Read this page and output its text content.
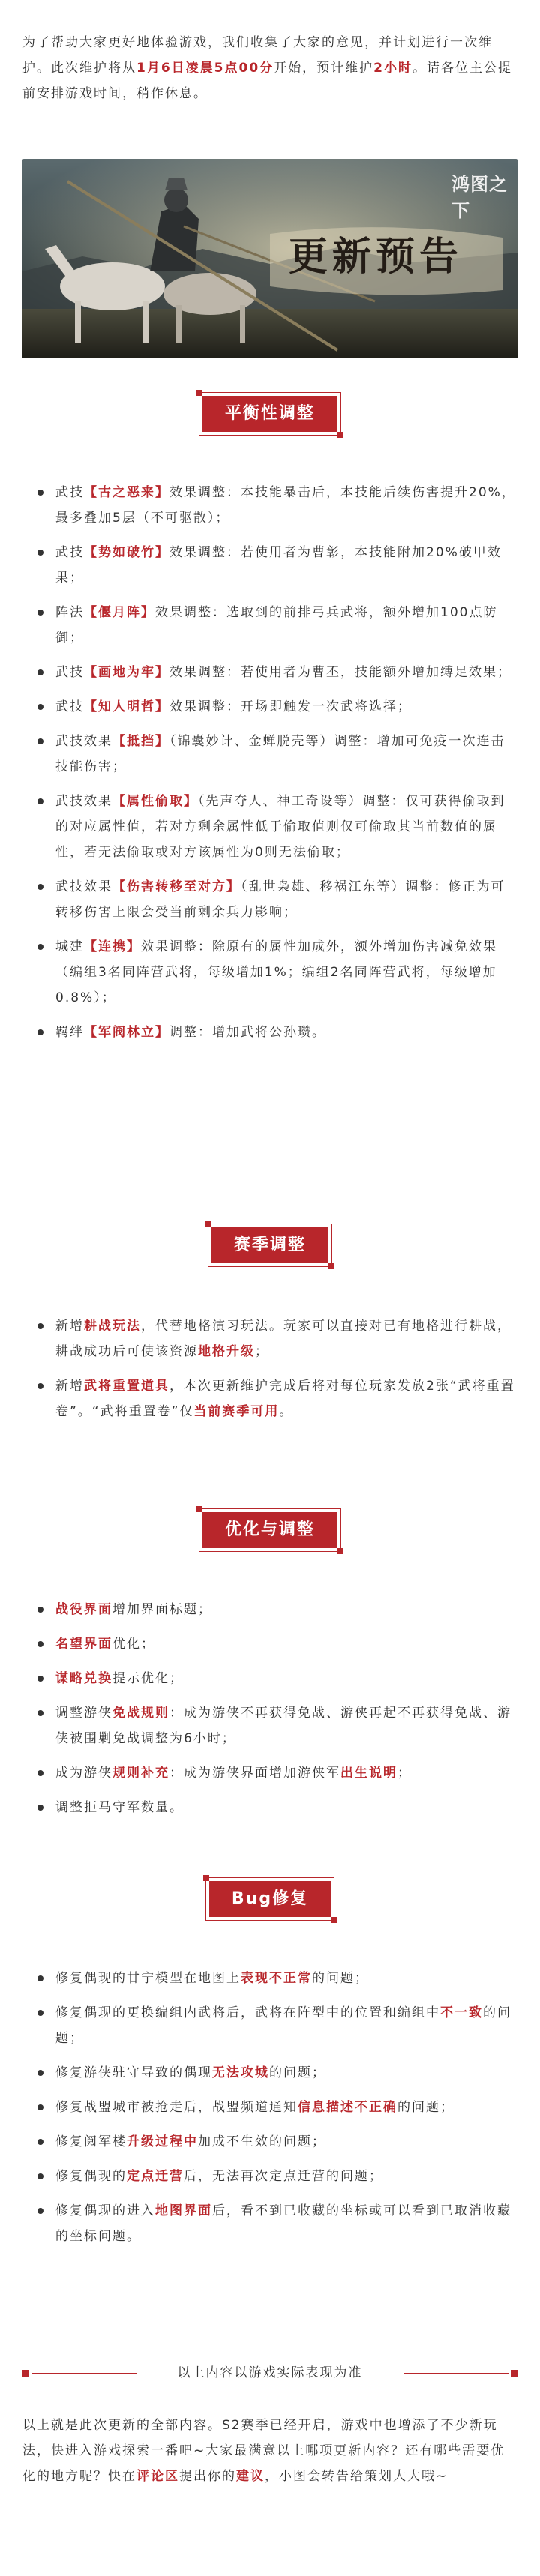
为了帮助大家更好地体验游戏，我们收集了大家的意见，并计划进行一次维护。此次维护将从1月6日凌晨5点00分开始，预计维护2小时。请各位主公提前安排游戏时间，稍作休息。

鸿图之下
更新预告
平衡性调整
武技【古之恶来】效果调整：本技能暴击后，本技能后续伤害提升20%，最多叠加5层（不可驱散）；
武技【势如破竹】效果调整：若使用者为曹彰，本技能附加20%破甲效果；
阵法【偃月阵】效果调整：选取到的前排弓兵武将，额外增加100点防御；
武技【画地为牢】效果调整：若使用者为曹丕，技能额外增加缚足效果；
武技【知人明哲】效果调整：开场即触发一次武将选择；
武技效果【抵挡】（锦囊妙计、金蝉脱壳等）调整：增加可免疫一次连击技能伤害；
武技效果【属性偷取】（先声夺人、神工奇设等）调整：仅可获得偷取到的对应属性值，若对方剩余属性低于偷取值则仅可偷取其当前数值的属性，若无法偷取或对方该属性为0则无法偷取；
武技效果【伤害转移至对方】（乱世枭雄、移祸江东等）调整：修正为可转移伤害上限会受当前剩余兵力影响；
城建【连携】效果调整：除原有的属性加成外，额外增加伤害减免效果（编组3名同阵营武将，每级增加1%；编组2名同阵营武将，每级增加0.8%）；
羁绊【军阀林立】调整：增加武将公孙瓒。
赛季调整
新增耕战玩法，代替地格演习玩法。玩家可以直接对已有地格进行耕战，耕战成功后可使该资源地格升级；
新增武将重置道具，本次更新维护完成后将对每位玩家发放2张“武将重置卷”。“武将重置卷”仅当前赛季可用。
优化与调整
战役界面增加界面标题；
名望界面优化；
谋略兑换提示优化；
调整游侠免战规则：成为游侠不再获得免战、游侠再起不再获得免战、游侠被围剿免战调整为6小时；
成为游侠规则补充：成为游侠界面增加游侠军出生说明；
调整拒马守军数量。
Bug修复
修复偶现的甘宁模型在地图上表现不正常的问题；
修复偶现的更换编组内武将后，武将在阵型中的位置和编组中不一致的问题；
修复游侠驻守导致的偶现无法攻城的问题；
修复战盟城市被抢走后，战盟频道通知信息描述不正确的问题；
修复阅军楼升级过程中加成不生效的问题；
修复偶现的定点迁营后，无法再次定点迁营的问题；
修复偶现的进入地图界面后，看不到已收藏的坐标或可以看到已取消收藏的坐标问题。
以上内容以游戏实际表现为准

以上就是此次更新的全部内容。S2赛季已经开启，游戏中也增添了不少新玩法，快进入游戏探索一番吧~大家最满意以上哪项更新内容？还有哪些需要优化的地方呢？快在评论区提出你的建议，小图会转告给策划大大哦~
